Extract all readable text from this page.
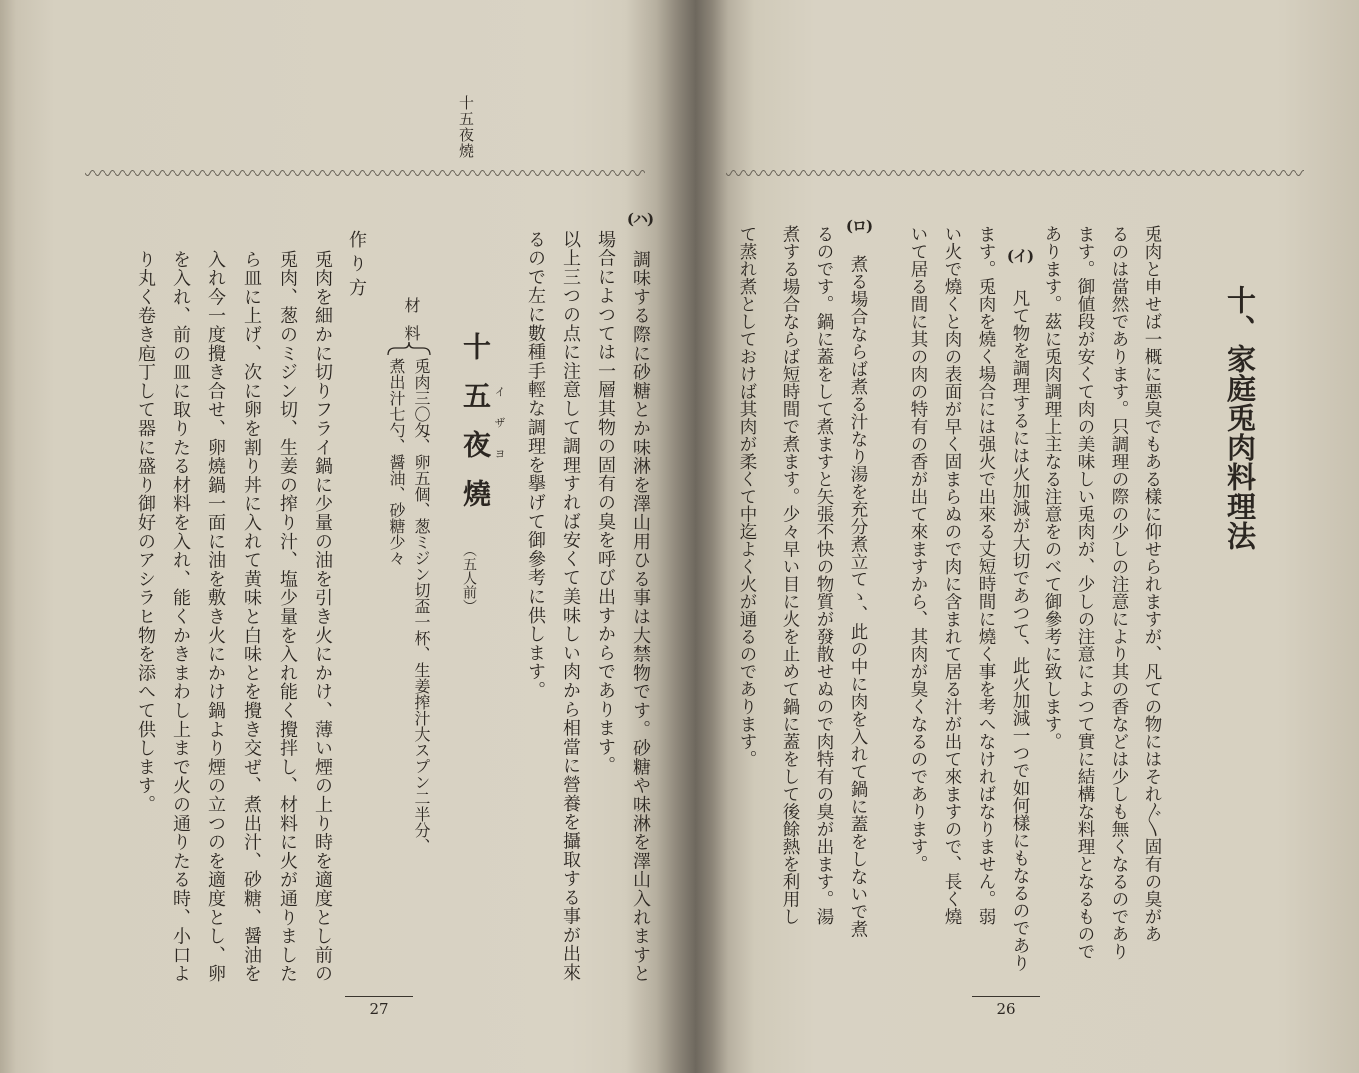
十五夜燒
(ハ)
調味する際に砂糖とか味淋を澤山用ひる事は大禁物です。砂糖や味淋を澤山入れますと
場合によつては一層其物の固有の臭を呼び出すからであります。
以上三つの点に注意して調理すれば安くて美味しい肉から相當に營養を攝取する事が出來
るので左に數種手輕な調理を擧げて御參考に供します。
十五夜燒 イザヨ
（五人前）
材料
兎肉三〇匁、卵五個、葱ミジン切盃一杯、生姜搾汁大スプン二半分、
煮出汁七勺、醤油、砂糖少々
作り方
兎肉を細かに切りフライ鍋に少量の油を引き火にかけ、薄い煙の上り時を適度とし前の
兎肉、葱のミジン切、生姜の搾り汁、塩少量を入れ能く攪拌し、材料に火が通りました
ら皿に上げ、次に卵を割り丼に入れて黄味と白味とを攪き交ぜ、煮出汁、砂糖、醤油を
入れ今一度攪き合せ、卵燒鍋一面に油を敷き火にかけ鍋より煙の立つのを適度とし、卵
を入れ、前の皿に取りたる材料を入れ、能くかきまわし上まで火の通りたる時、小口よ
り丸く卷き庖丁して器に盛り御好のアシラヒ物を添へて供します。
27
十、家庭兎肉料理法
兎肉と申せば一概に悪臭でもある樣に仰せられますが、凡ての物にはそれ〴〵固有の臭があ
るのは當然であります。只調理の際の少しの注意により其の香などは少しも無くなるのであり
ます。御値段が安くて肉の美味しい兎肉が、少しの注意によつて實に結構な料理となるもので
あります。茲に兎肉調理上主なる注意をのべて御參考に致します。
(イ)
凡て物を調理するには火加減が大切であつて、此火加減一つで如何樣にもなるのであり
ます。兎肉を燒く場合には强火で出來る丈短時間に燒く事を考へなければなりません。弱
い火で燒くと肉の表面が早く固まらぬので肉に含まれて居る汁が出て來ますので、長く燒
いて居る間に其の肉の特有の香が出て來ますから、其肉が臭くなるのであります。
(ロ)
煮る場合ならば煮る汁なり湯を充分煮立てゝ、此の中に肉を入れて鍋に蓋をしないで煮
るのです。鍋に蓋をして煮ますと矢張不快の物質が發散せぬので肉特有の臭が出ます。湯
煮する場合ならば短時間で煮ます。少々早い目に火を止めて鍋に蓋をして後餘熱を利用し
て蒸れ煮としておけば其肉が柔くて中迄よく火が通るのであります。
26
